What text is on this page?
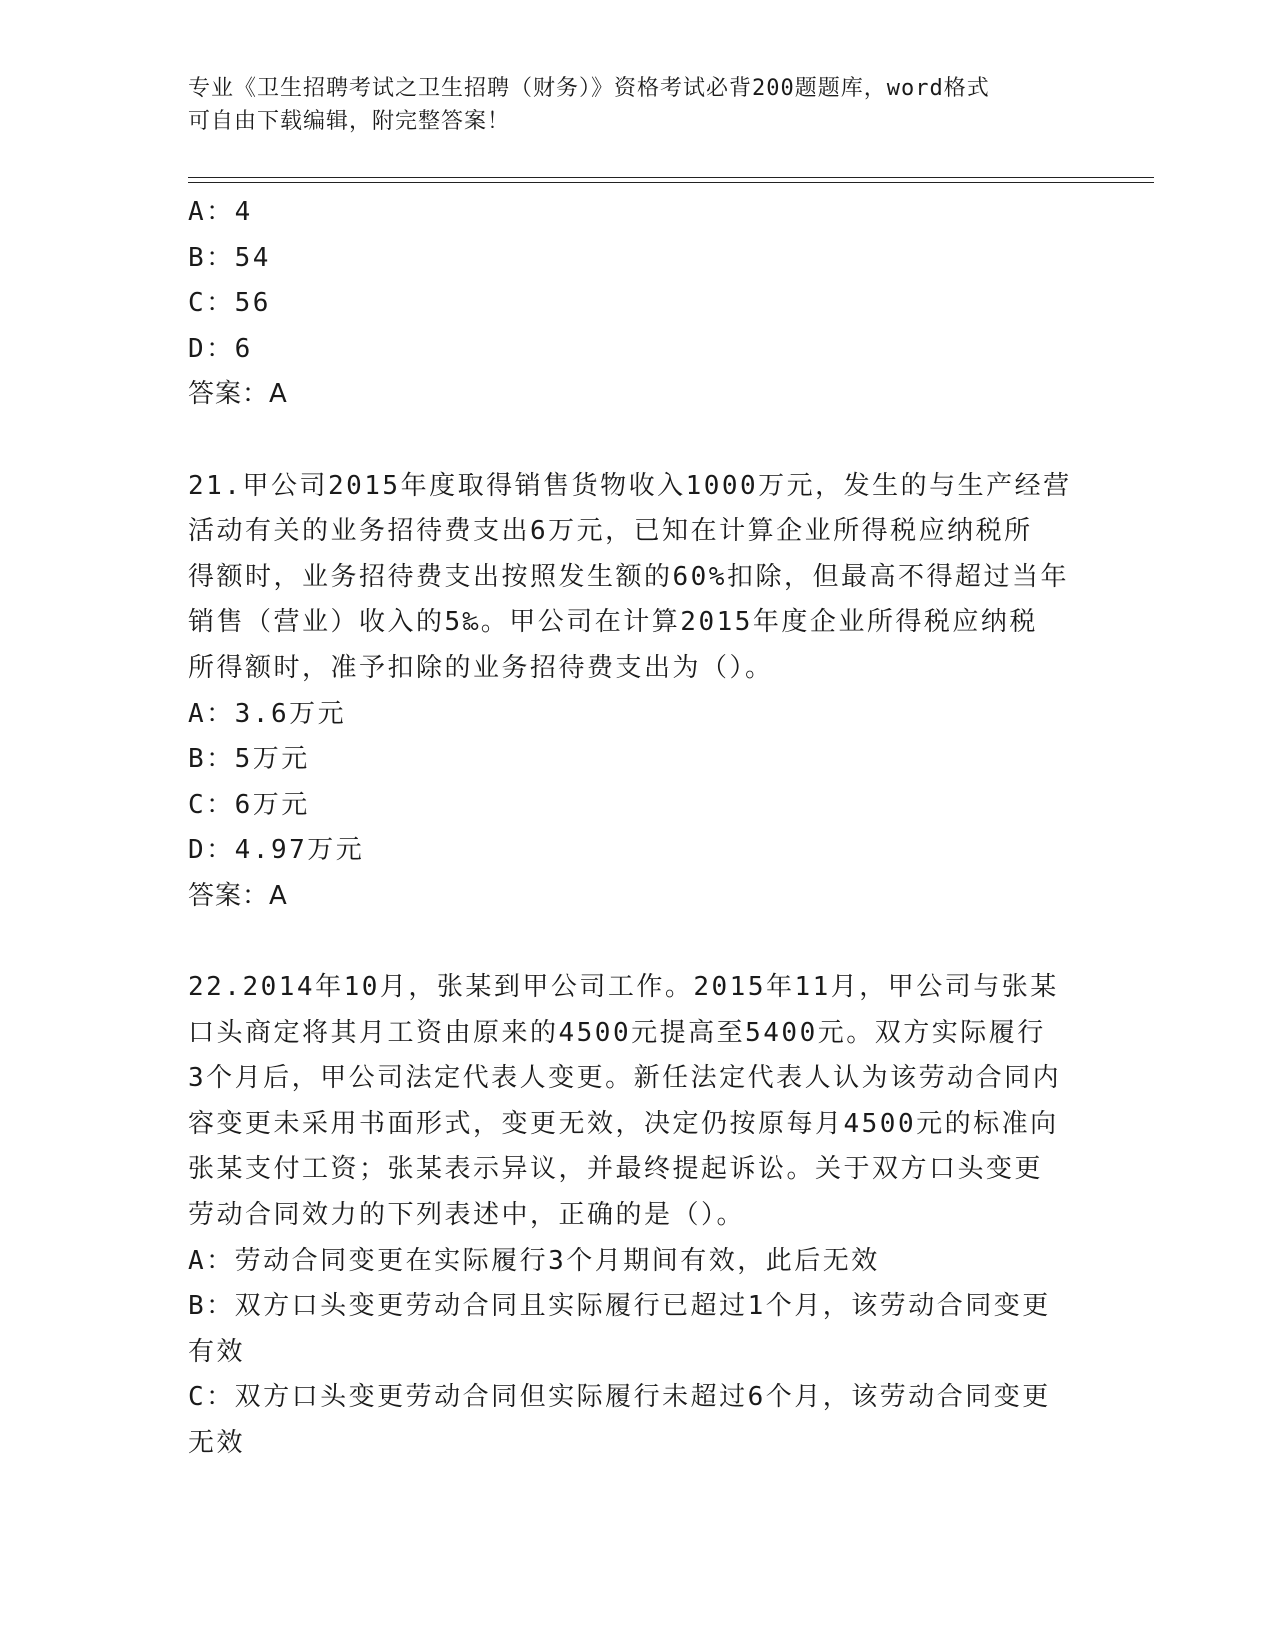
专业《卫生招聘考试之卫生招聘（财务）》资格考试必背200题题库，word格式
可自由下载编辑，附完整答案！
A：4
B：54
C：56
D：6
答案：A
21.甲公司2015年度取得销售货物收入1000万元，发生的与生产经营
活动有关的业务招待费支出6万元，已知在计算企业所得税应纳税所
得额时，业务招待费支出按照发生额的60%扣除，但最高不得超过当年
销售（营业）收入的5‰。甲公司在计算2015年度企业所得税应纳税
所得额时，准予扣除的业务招待费支出为（）。
A：3.6万元
B：5万元
C：6万元
D：4.97万元
答案：A
22.2014年10月，张某到甲公司工作。2015年11月，甲公司与张某
口头商定将其月工资由原来的4500元提高至5400元。双方实际履行
3个月后，甲公司法定代表人变更。新任法定代表人认为该劳动合同内
容变更未采用书面形式，变更无效，决定仍按原每月4500元的标准向
张某支付工资；张某表示异议，并最终提起诉讼。关于双方口头变更
劳动合同效力的下列表述中，正确的是（）。
A：劳动合同变更在实际履行3个月期间有效，此后无效
B：双方口头变更劳动合同且实际履行已超过1个月，该劳动合同变更
有效
C：双方口头变更劳动合同但实际履行未超过6个月，该劳动合同变更
无效
